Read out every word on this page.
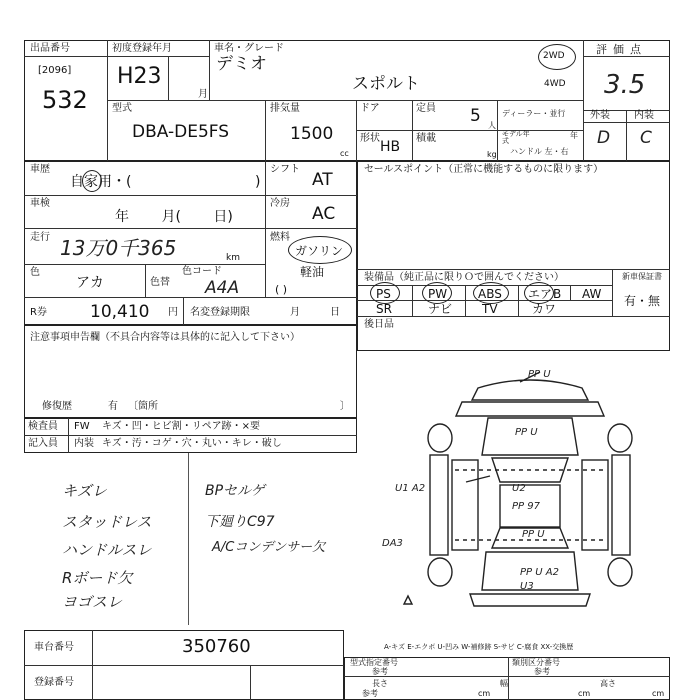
出品番号
[2096]
532
初度登録年月
H23
月
車名・グレード
デミオ
スポルト
2WD
4WD
評価点
3.5
外装 内装
D C
型式
DBA-DE5FS
排気量
1500
cc
ドア
形状
HB
定員 5 人
積載
kg
ディーラー・並行
モデル年式
年
ハンドル 左・右
車歴
自家用・(	)
車検
年 月( 日)
走行 13万0千365	km
色
アカ	色替
色コード
A4A
R券	10,410 円 名変登録期限	月	日
シフト
AT
冷房
AC
燃料
ガソリン
軽油
( )
セールスポイント（正常に機能するものに限ります）
装備品（純正品に限りＯで囲んでください）	新車保証書
有・無
PS	PW	ABS エア B AW
SR	ナビ TV	カワ
後日品
注意事項申告欄（不具合内容等は具体的に記入して下さい）
修復歴	有 〔箇所	〕
検査員
記入員
FW キズ・凹・ヒビ割・リペア跡・×要
内装 キズ・汚・コゲ・穴・丸い・キレ・破し
キズレ
スタッドレス
ハンドルスレ
Rボード欠
ヨゴスレ
BPセルゲ
下廻りC97
A/Cコンデンサー欠
PP U
PP U
U1 A2	U2
PP 97
DA3
PP U
PP U A2 U3
車台番号	350760
登録番号
A-キズ E-エクボ U-凹み W-補修跡 S-サビ C-腐食 XX-交換歴
型式指定番号
参考
類別区分番号
参考
長さ
参考	cm
幅
cm
高さ
cm
